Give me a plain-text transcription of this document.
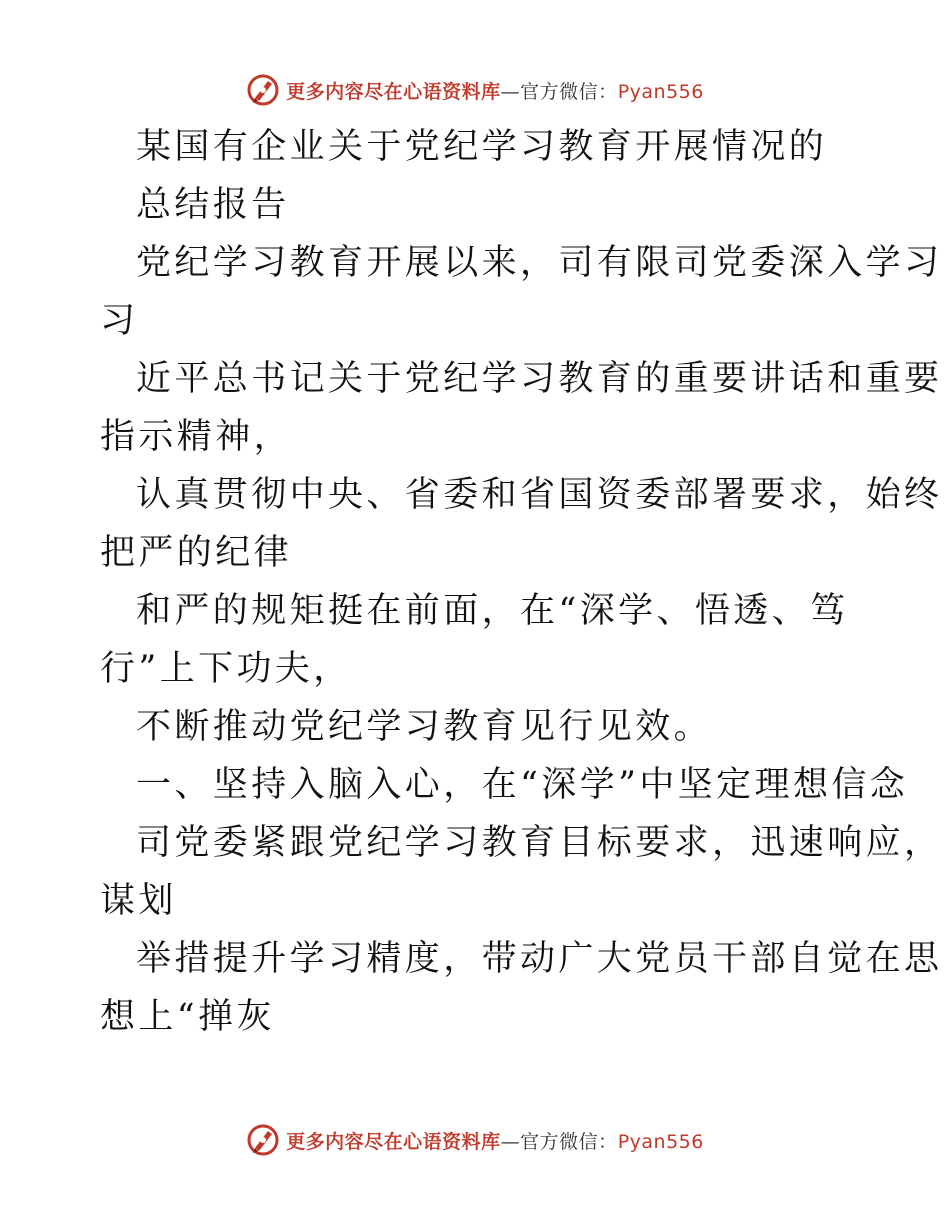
更多内容尽在心语资料库—官方微信：Pyan556
某国有企业关于党纪学习教育开展情况的
总结报告
党纪学习教育开展以来，司有限司党委深入学习
习
近平总书记关于党纪学习教育的重要讲话和重要
指示精神，
认真贯彻中央、省委和省国资委部署要求，始终
把严的纪律
和严的规矩挺在前面，在“深学、悟透、笃
行”上下功夫，
不断推动党纪学习教育见行见效。
一、坚持入脑入心，在“深学”中坚定理想信念
司党委紧跟党纪学习教育目标要求，迅速响应，
谋划
举措提升学习精度，带动广大党员干部自觉在思
想上“掸灰
更多内容尽在心语资料库—官方微信：Pyan556
